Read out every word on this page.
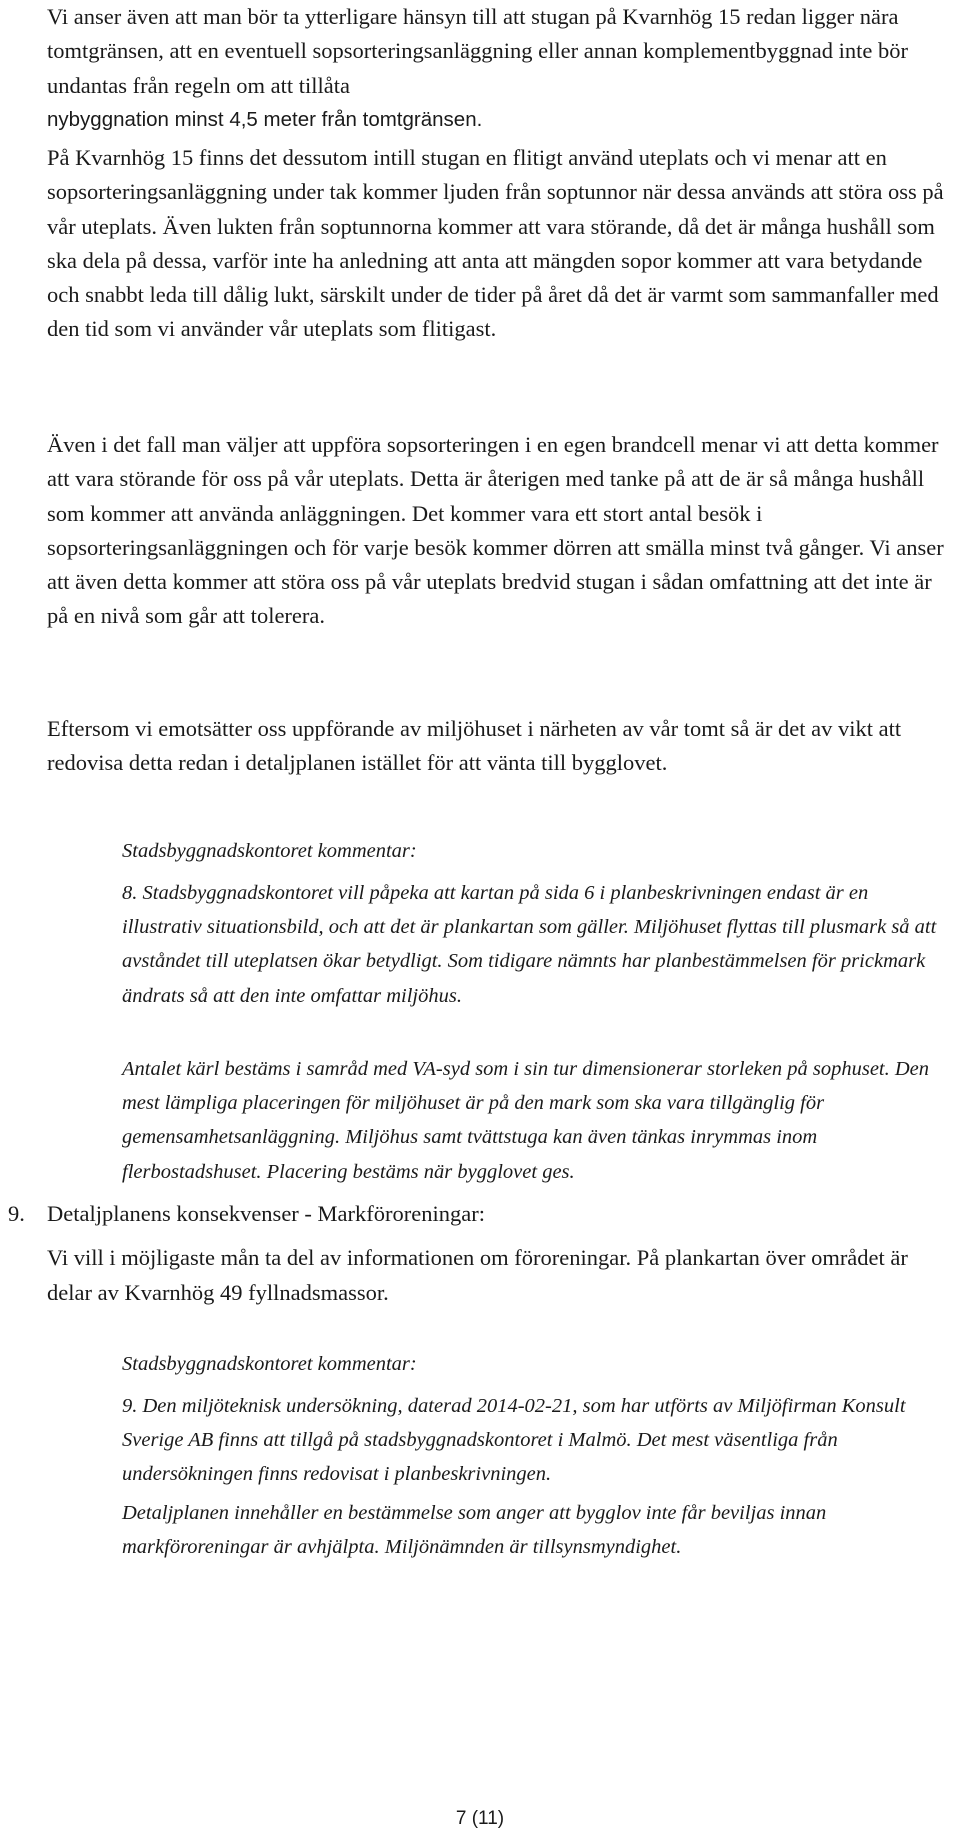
Vi anser även att man bör ta ytterligare hänsyn till att stugan på Kvarnhög 15 redan ligger nära tomtgränsen, att en eventuell sopsorteringsanläggning eller annan komplementbyggnad inte bör undantas från regeln om att tillåta

nybyggnation minst 4,5 meter från tomtgränsen.

På Kvarnhög 15 finns det dessutom intill stugan en flitigt använd uteplats och vi menar att en sopsorteringsanläggning under tak kommer ljuden från soptunnor när dessa används att störa oss på vår uteplats. Även lukten från soptunnorna kommer att vara störande, då det är många hushåll som ska dela på dessa, varför inte ha anledning att anta att mängden sopor kommer att vara betydande och snabbt leda till dålig lukt, särskilt under de tider på året då det är varmt som sammanfaller med den tid som vi använder vår uteplats som flitigast.

Även i det fall man väljer att uppföra sopsorteringen i en egen brandcell menar vi att detta kommer att vara störande för oss på vår uteplats. Detta är återigen med tanke på att de är så många hushåll som kommer att använda anläggningen. Det kommer vara ett stort antal besök i sopsorteringsanläggningen och för varje besök kommer dörren att smälla minst två gånger. Vi anser att även detta kommer att störa oss på vår uteplats bredvid stugan i sådan omfattning att det inte är på en nivå som går att tolerera.

Eftersom vi emotsätter oss uppförande av miljöhuset i närheten av vår tomt så är det av vikt att redovisa detta redan i detaljplanen istället för att vänta till bygglovet.

Stadsbyggnadskontoret kommentar:

8. Stadsbyggnadskontoret vill påpeka att kartan på sida 6 i planbeskrivningen endast är en illustrativ situationsbild, och att det är plankartan som gäller. Miljöhuset flyttas till plusmark så att avståndet till uteplatsen ökar betydligt. Som tidigare nämnts har planbestämmelsen för prickmark ändrats så att den inte omfattar miljöhus.

Antalet kärl bestäms i samråd med VA-syd som i sin tur dimensionerar storleken på sophuset. Den mest lämpliga placeringen för miljöhuset är på den mark som ska vara tillgänglig för gemensamhetsanläggning. Miljöhus samt tvättstuga kan även tänkas inrymmas inom flerbostadshuset. Placering bestäms när bygglovet ges.

9. Detaljplanens konsekvenser - Markföroreningar:

Vi vill i möjligaste mån ta del av informationen om föroreningar. På plankartan över området är delar av Kvarnhög 49 fyllnadsmassor.

Stadsbyggnadskontoret kommentar:

9. Den miljöteknisk undersökning, daterad 2014-02-21, som har utförts av Miljöfirman Konsult Sverige AB finns att tillgå på stadsbyggnadskontoret i Malmö. Det mest väsentliga från undersökningen finns redovisat i planbeskrivningen.

Detaljplanen innehåller en bestämmelse som anger att bygglov inte får beviljas innan markföroreningar är avhjälpta. Miljönämnden är tillsynsmyndighet.

7 (11)
